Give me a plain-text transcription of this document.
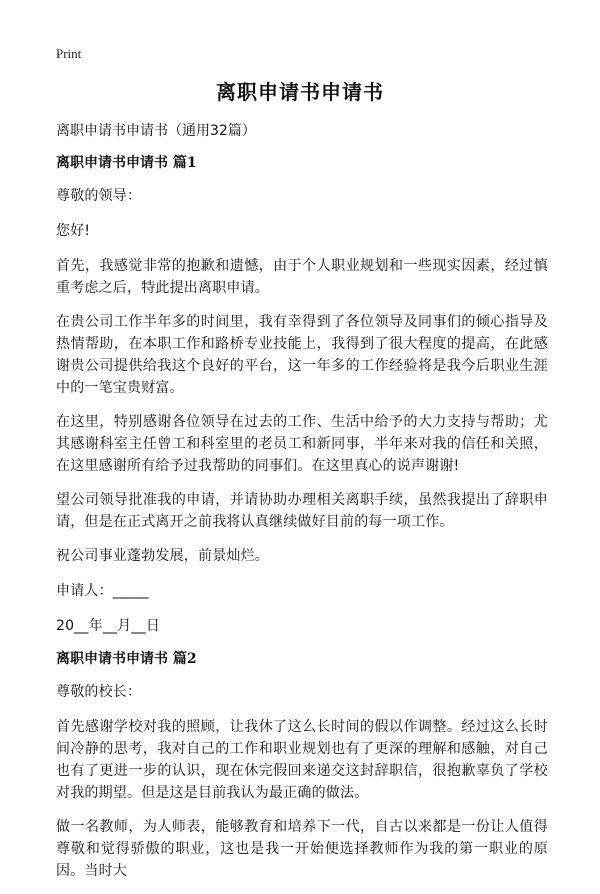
Print
离职申请书申请书
离职申请书申请书（通用32篇）
离职申请书申请书 篇1
尊敬的领导：
您好!
首先，我感觉非常的抱歉和遗憾，由于个人职业规划和一些现实因素，经过慎重考虑之后，特此提出离职申请。
在贵公司工作半年多的时间里，我有幸得到了各位领导及同事们的倾心指导及热情帮助，在本职工作和路桥专业技能上，我得到了很大程度的提高，在此感谢贵公司提供给我这个良好的平台，这一年多的工作经验将是我今后职业生涯中的一笔宝贵财富。
在这里，特别感谢各位领导在过去的工作、生活中给予的大力支持与帮助；尤其感谢科室主任曾工和科室里的老员工和新同事，半年来对我的信任和关照，在这里感谢所有给予过我帮助的同事们。在这里真心的说声谢谢!
望公司领导批准我的申请，并请协助办理相关离职手续，虽然我提出了辞职申请，但是在正式离开之前我将认真继续做好目前的每一项工作。
祝公司事业蓬勃发展，前景灿烂。
申请人：_____
20__年__月__日
离职申请书申请书 篇2
尊敬的校长：
首先感谢学校对我的照顾，让我休了这么长时间的假以作调整。经过这么长时间冷静的思考，我对自己的工作和职业规划也有了更深的理解和感触，对自己也有了更进一步的认识，现在休完假回来递交这封辞职信，很抱歉辜负了学校对我的期望。但是这是目前我认为最正确的做法。
做一名教师，为人师表，能够教育和培养下一代，自古以来都是一份让人值得尊敬和觉得骄傲的职业，这也是我一开始便选择教师作为我的第一职业的原因。当时大
